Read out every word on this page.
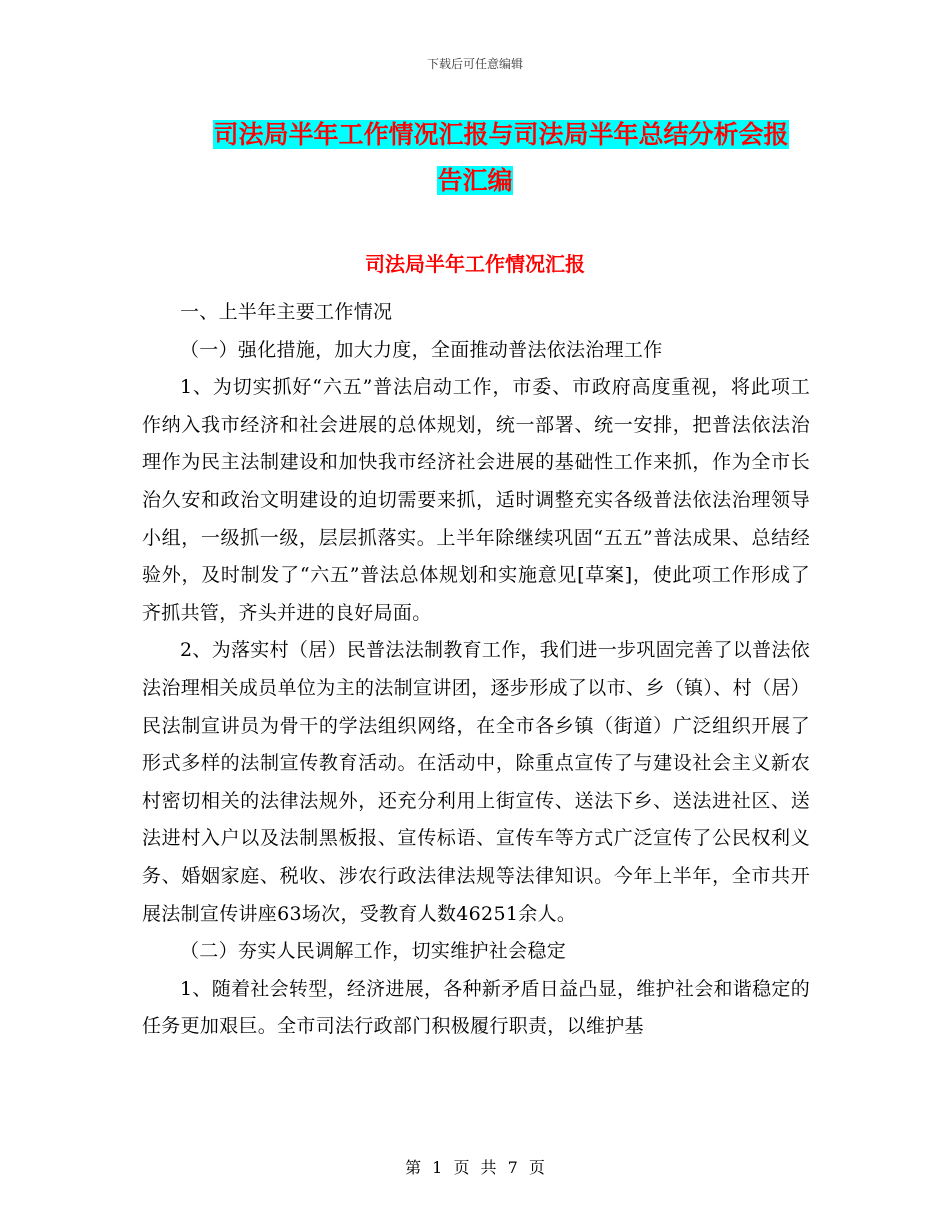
下载后可任意编辑
司法局半年工作情况汇报与司法局半年总结分析会报
告汇编
司法局半年工作情况汇报

一、上半年主要工作情况

（一）强化措施，加大力度，全面推动普法依法治理工作

1、为切实抓好“六五”普法启动工作，市委、市政府高度重视，将此项工作纳入我市经济和社会进展的总体规划，统一部署、统一安排，把普法依法治理作为民主法制建设和加快我市经济社会进展的基础性工作来抓，作为全市长治久安和政治文明建设的迫切需要来抓，适时调整充实各级普法依法治理领导小组，一级抓一级，层层抓落实。上半年除继续巩固“五五”普法成果、总结经验外，及时制发了“六五”普法总体规划和实施意见[草案]，使此项工作形成了齐抓共管，齐头并进的良好局面。

2、为落实村（居）民普法法制教育工作，我们进一步巩固完善了以普法依法治理相关成员单位为主的法制宣讲团，逐步形成了以市、乡（镇）、村（居）民法制宣讲员为骨干的学法组织网络，在全市各乡镇（街道）广泛组织开展了形式多样的法制宣传教育活动。在活动中，除重点宣传了与建设社会主义新农村密切相关的法律法规外，还充分利用上街宣传、送法下乡、送法进社区、送法进村入户以及法制黑板报、宣传标语、宣传车等方式广泛宣传了公民权利义务、婚姻家庭、税收、涉农行政法律法规等法律知识。今年上半年，全市共开展法制宣传讲座63场次，受教育人数46251余人。

（二）夯实人民调解工作，切实维护社会稳定

1、随着社会转型，经济进展，各种新矛盾日益凸显，维护社会和谐稳定的任务更加艰巨。全市司法行政部门积极履行职责，以维护基

第 1 页 共 7 页
